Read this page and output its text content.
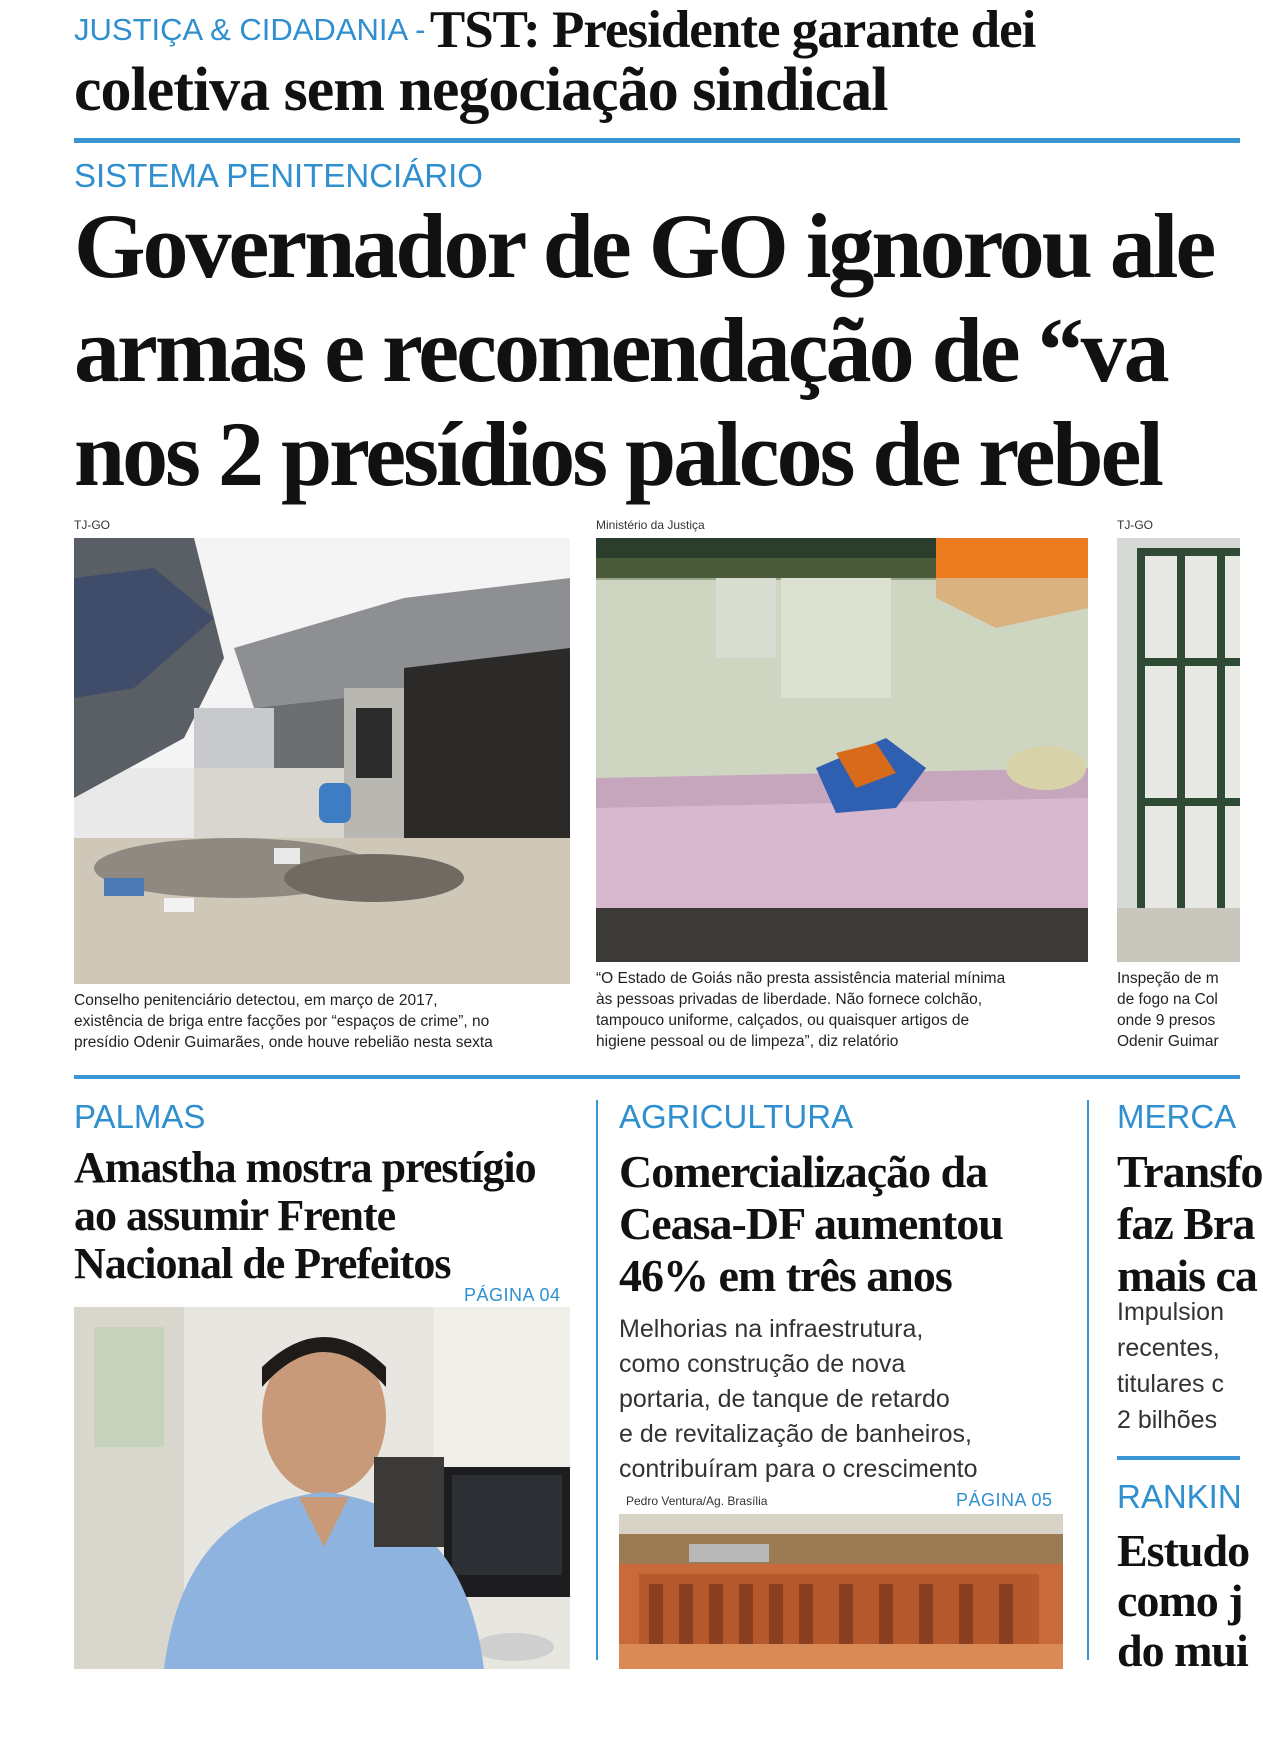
JUSTIÇA & CIDADANIA - TST: Presidente garante dei
coletiva sem negociação sindical
SISTEMA PENITENCIÁRIO
Governador de GO ignorou ale
armas e recomendação de “va
nos 2 presídios palcos de rebel
TJ-GO	Ministério da Justiça	TJ-GO
Conselho penitenciário detectou, em março de 2017,
existência de briga entre facções por “espaços de crime”, no
presídio Odenir Guimarães, onde houve rebelião nesta sexta
“O Estado de Goiás não presta assistência material mínima
às pessoas privadas de liberdade. Não fornece colchão,
tampouco uniforme, calçados, ou quaisquer artigos de
higiene pessoal ou de limpeza”, diz relatório
Inspeção de m
de fogo na Col
onde 9 presos
Odenir Guimar
PALMAS
Amastha mostra prestígio
ao assumir Frente
Nacional de Prefeitos
PÁGINA 04
AGRICULTURA
Comercialização da
Ceasa-DF aumentou
46% em três anos
Melhorias na infraestrutura,
como construção de nova
portaria, de tanque de retardo
e de revitalização de banheiros,
contribuíram para o crescimento
Pedro Ventura/Ag. Brasília	PÁGINA 05
MERCA
Transfo
faz Bra
mais ca
Impulsion
recentes,
titulares c
2 bilhões
RANKIN
Estudo
como j
do mui
